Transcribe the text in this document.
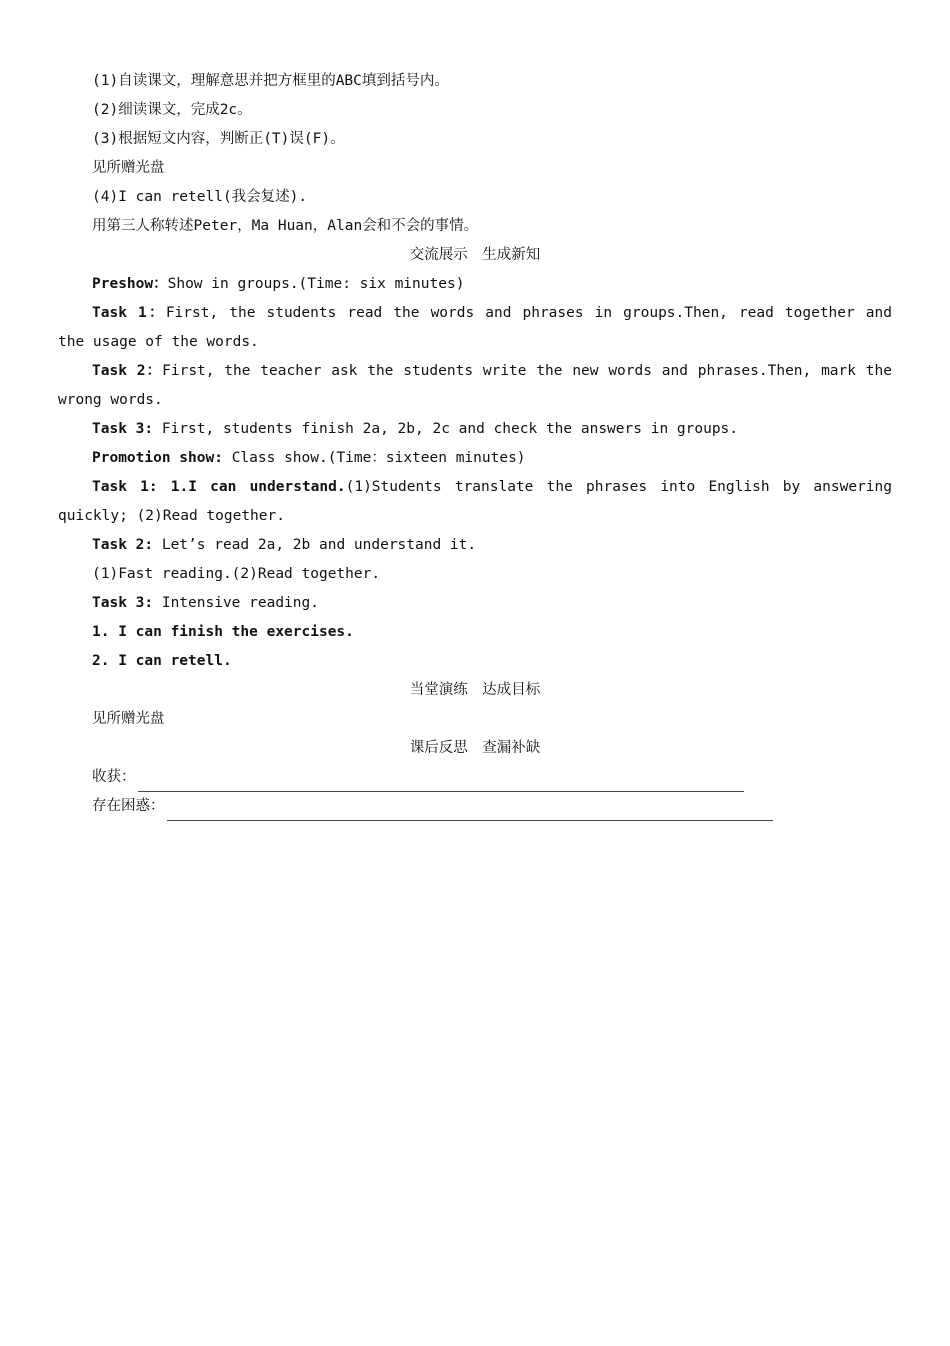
(1)自读课文，理解意思并把方框里的ABC填到括号内。
(2)细读课文，完成2c。
(3)根据短文内容，判断正(T)误(F)。
见所赠光盘
(4)I can retell(我会复述).
用第三人称转述Peter，Ma Huan，Alan会和不会的事情。
交流展示　生成新知
Preshow：Show in groups.(Time: six minutes)
Task 1：First, the students read the words and phrases in groups.Then, read together and
the usage of the words.
Task 2：First, the teacher ask the students write the new words and phrases.Then, mark the
wrong words.
Task 3: First, students finish 2a, 2b, 2c and check the answers in groups.
Promotion show: Class show.(Time：sixteen minutes)
Task 1: 1.I can understand.(1)Students translate the phrases into English by answering
quickly; (2)Read together.
Task 2: Let’s read 2a, 2b and understand it.
(1)Fast reading.(2)Read together.
Task 3: Intensive reading.
1. I can finish the exercises.
2. I can retell.
当堂演练　达成目标
见所赠光盘
课后反思　查漏补缺
收获：
存在困惑：
